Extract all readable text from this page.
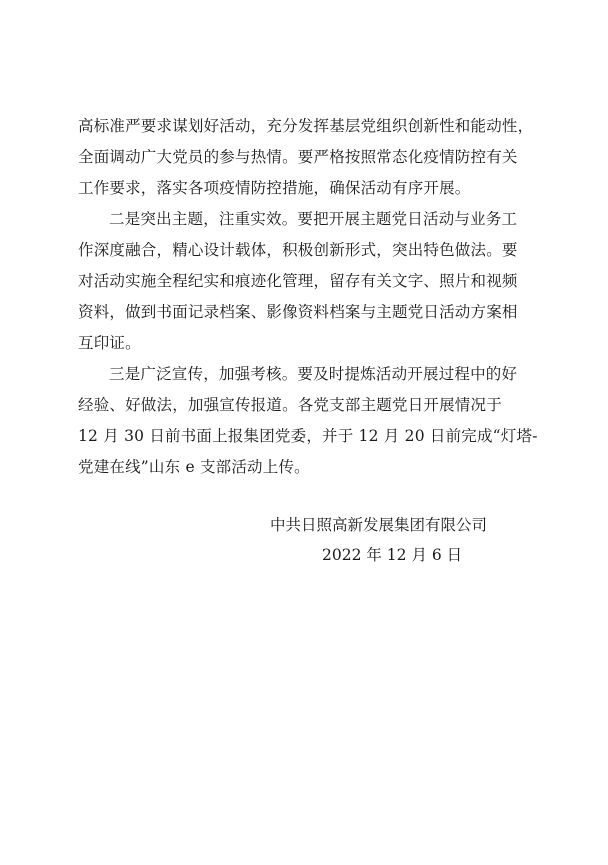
高标准严要求谋划好活动，充分发挥基层党组织创新性和能动性，
全面调动广大党员的参与热情。要严格按照常态化疫情防控有关
工作要求，落实各项疫情防控措施，确保活动有序开展。
二是突出主题，注重实效。要把开展主题党日活动与业务工
作深度融合，精心设计载体，积极创新形式，突出特色做法。要
对活动实施全程纪实和痕迹化管理，留存有关文字、照片和视频
资料，做到书面记录档案、影像资料档案与主题党日活动方案相
互印证。
三是广泛宣传，加强考核。要及时提炼活动开展过程中的好
经验、好做法，加强宣传报道。各党支部主题党日开展情况于
12 月 30 日前书面上报集团党委，并于 12 月 20 日前完成“灯塔-
党建在线”山东 e 支部活动上传。
中共日照高新发展集团有限公司
2022 年 12 月 6 日
